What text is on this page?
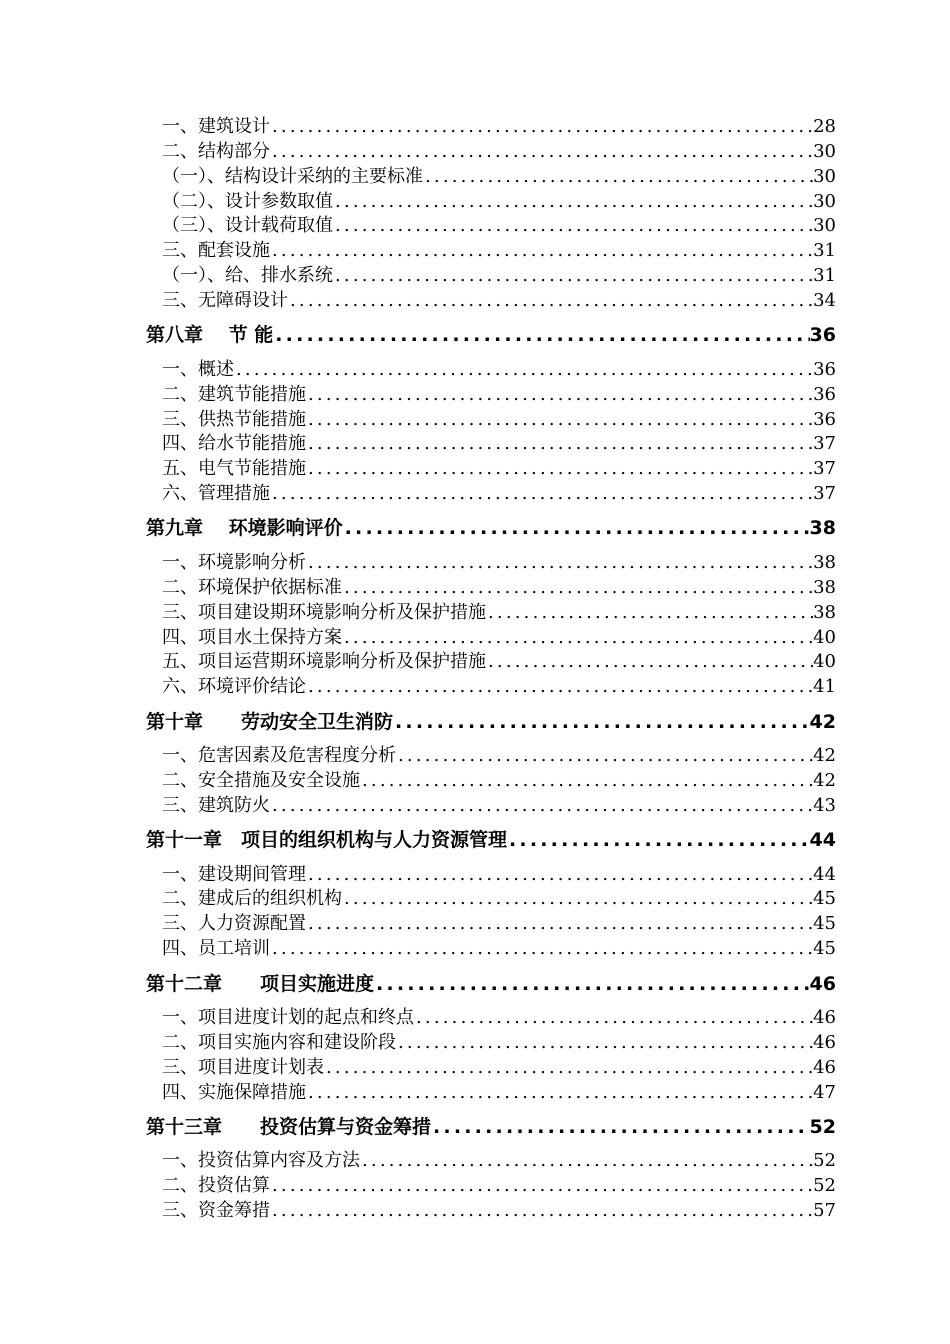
一、建筑设计 .....	28
二、结构部分 .....	30
（一）、结构设计采纳的主要标准 .....	30
（二）、设计参数取值 .....	30
（三）、设计载荷取值 .....	30
三、配套设施 .....	31
（一）、给、排水系统 .....	31
三、无障碍设计 .....	34
第八章　 节 能 .....	36
一、概述 .....	36
二、建筑节能措施 .....	36
三、供热节能措施 .....	36
四、给水节能措施 .....	37
五、电气节能措施 .....	37
六、管理措施 .....	37
第九章　 环境影响评价 .....	38
一、环境影响分析 .....	38
二、环境保护依据标准 .....	38
三、项目建设期环境影响分析及保护措施 .....	38
四、项目水土保持方案 .....	40
五、项目运营期环境影响分析及保护措施 .....	40
六、环境评价结论 .....	41
第十章　　劳动安全卫生消防 .....	42
一、危害因素及危害程度分析 .....	42
二、安全措施及安全设施 .....	42
三、建筑防火 .....	43
第十一章　项目的组织机构与人力资源管理 .....	44
一、建设期间管理 .....	44
二、建成后的组织机构 .....	45
三、人力资源配置 .....	45
四、员工培训 .....	45
第十二章　　项目实施进度 .....	46
一、项目进度计划的起点和终点 .....	46
二、项目实施内容和建设阶段 .....	46
三、项目进度计划表 .....	46
四、实施保障措施 .....	47
第十三章　　投资估算与资金筹措 .....	52
一、投资估算内容及方法 .....	52
二、投资估算 .....	52
三、资金筹措 .....	57
